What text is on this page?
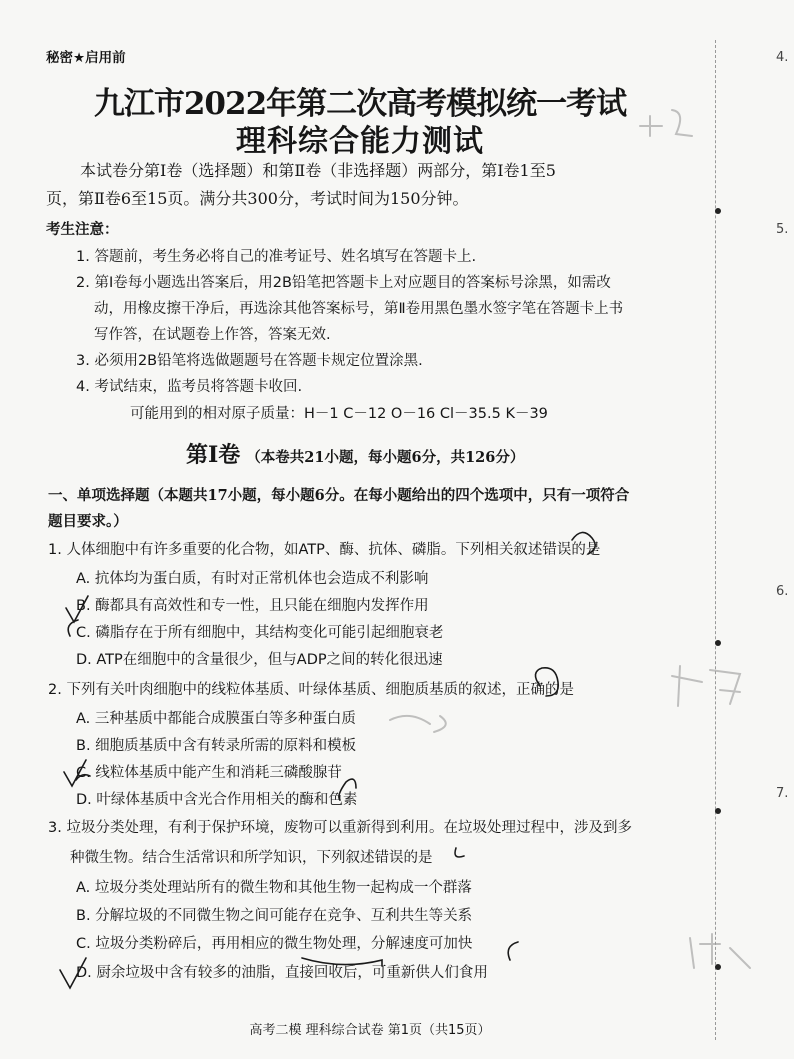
秘密★启用前
九江市2022年第二次高考模拟统一考试
理科综合能力测试
本试卷分第Ⅰ卷（选择题）和第Ⅱ卷（非选择题）两部分，第Ⅰ卷1至5
页，第Ⅱ卷6至15页。满分共300分，考试时间为150分钟。
考生注意：
1. 答题前，考生务必将自己的准考证号、姓名填写在答题卡上.
2. 第Ⅰ卷每小题选出答案后，用2B铅笔把答题卡上对应题目的答案标号涂黑，如需改
动，用橡皮擦干净后，再选涂其他答案标号，第Ⅱ卷用黑色墨水签字笔在答题卡上书
写作答，在试题卷上作答，答案无效.
3. 必须用2B铅笔将选做题题号在答题卡规定位置涂黑.
4. 考试结束，监考员将答题卡收回.
可能用到的相对原子质量：H－1 C－12 O－16 Cl－35.5 K－39
第Ⅰ卷 （本卷共21小题，每小题6分，共126分）
一、单项选择题（本题共17小题，每小题6分。在每小题给出的四个选项中，只有一项符合
题目要求。）
1. 人体细胞中有许多重要的化合物，如ATP、酶、抗体、磷脂。下列相关叙述错误的是
A. 抗体均为蛋白质，有时对正常机体也会造成不利影响
B. 酶都具有高效性和专一性，且只能在细胞内发挥作用
C. 磷脂存在于所有细胞中，其结构变化可能引起细胞衰老
D. ATP在细胞中的含量很少，但与ADP之间的转化很迅速
2. 下列有关叶肉细胞中的线粒体基质、叶绿体基质、细胞质基质的叙述，正确的是
A. 三种基质中都能合成膜蛋白等多种蛋白质
B. 细胞质基质中含有转录所需的原料和模板
C. 线粒体基质中能产生和消耗三磷酸腺苷
D. 叶绿体基质中含光合作用相关的酶和色素
3. 垃圾分类处理，有利于保护环境，废物可以重新得到利用。在垃圾处理过程中，涉及到多
种微生物。结合生活常识和所学知识，下列叙述错误的是
A. 垃圾分类处理站所有的微生物和其他生物一起构成一个群落
B. 分解垃圾的不同微生物之间可能存在竞争、互利共生等关系
C. 垃圾分类粉碎后，再用相应的微生物处理，分解速度可加快
D. 厨余垃圾中含有较多的油脂，直接回收后，可重新供人们食用
高考二模 理科综合试卷 第1页（共15页）
4.
5.
6.
7.
